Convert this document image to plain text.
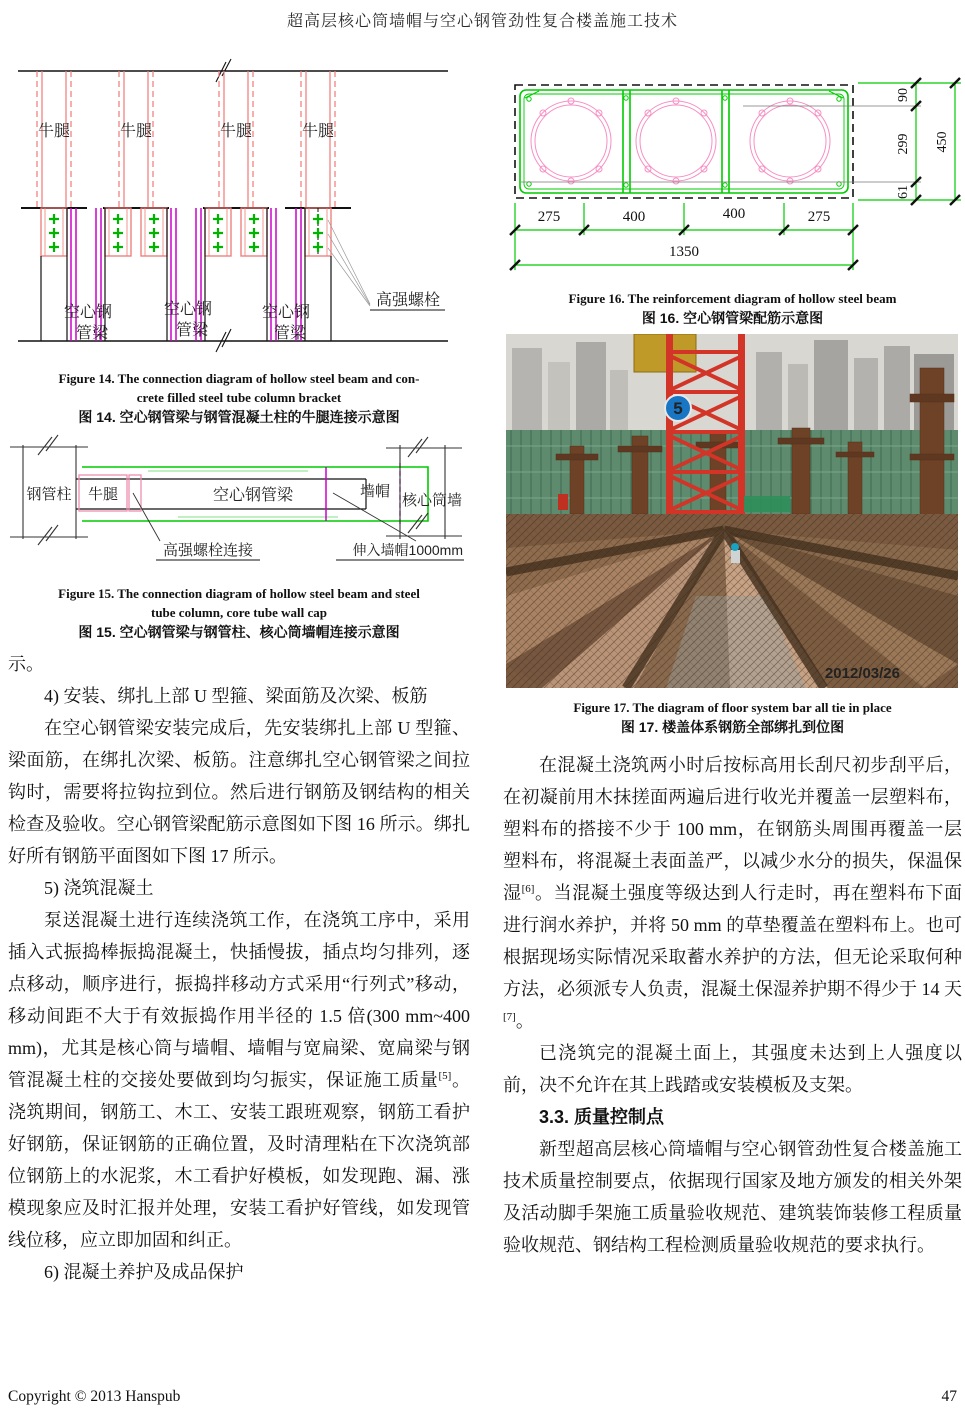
超高层核心筒墙帽与空心钢管劲性复合楼盖施工技术
牛腿	牛腿	牛腿	牛腿
空心钢
管梁
空心钢
管梁
空心钢
管梁
高强螺栓
Figure 14. The connection diagram of hollow steel beam and con-
crete filled steel tube column bracket
图 14. 空心钢管梁与钢管混凝土柱的牛腿连接示意图
钢管柱 牛腿	空心钢管梁	墙帽
核心筒墙
高强螺栓连接	伸入墙帽1000mm
Figure 15. The connection diagram of hollow steel beam and steel
tube column, core tube wall cap
图 15. 空心钢管梁与钢管柱、核心筒墙帽连接示意图

示。

4) 安装、绑扎上部 U 型箍、梁面筋及次梁、板筋

在空心钢管梁安装完成后，先安装绑扎上部 U 型箍、梁面筋，在绑扎次梁、板筋。注意绑扎空心钢管梁之间拉钩时，需要将拉钩拉到位。然后进行钢筋及钢结构的相关检查及验收。空心钢管梁配筋示意图如下图 16 所示。绑扎好所有钢筋平面图如下图 17 所示。

5) 浇筑混凝土

泵送混凝土进行连续浇筑工作，在浇筑工序中，采用插入式振捣棒振捣混凝土，快插慢拔，插点均匀排列，逐点移动，顺序进行，振捣拌移动方式采用“行列式”移动，移动间距不大于有效振捣作用半径的 1.5 倍(300 mm~400 mm)，尤其是核心筒与墙帽、墙帽与宽扁梁、宽扁梁与钢管混凝土柱的交接处要做到均匀振实，保证施工质量[5]。浇筑期间，钢筋工、木工、安装工跟班观察，钢筋工看护好钢筋，保证钢筋的正确位置，及时清理粘在下次浇筑部位钢筋上的水泥浆，木工看护好模板，如发现跑、漏、涨模现象应及时汇报并处理，安装工看护好管线，如发现管线位移，应立即加固和纠正。

6) 混凝土养护及成品保护

275	400	400	275
1350
90
299
61
450
Figure 16. The reinforcement diagram of hollow steel beam
图 16. 空心钢管梁配筋示意图
5
2012/03/26
Figure 17. The diagram of floor system bar all tie in place
图 17. 楼盖体系钢筋全部绑扎到位图

在混凝土浇筑两小时后按标高用长刮尺初步刮平后，在初凝前用木抹搓面两遍后进行收光并覆盖一层塑料布，塑料布的搭接不少于 100 mm，在钢筋头周围再覆盖一层塑料布，将混凝土表面盖严，以减少水分的损失，保温保湿[6]。当混凝土强度等级达到人行走时，再在塑料布下面进行润水养护，并将 50 mm 的草垫覆盖在塑料布上。也可根据现场实际情况采取蓄水养护的方法，但无论采取何种方法，必须派专人负责，混凝土保湿养护期不得少于 14 天[7]。

已浇筑完的混凝土面上，其强度未达到上人强度以前，决不允许在其上践踏或安装模板及支架。

3.3. 质量控制点

新型超高层核心筒墙帽与空心钢管劲性复合楼盖施工技术质量控制要点，依据现行国家及地方颁发的相关外架及活动脚手架施工质量验收规范、建筑装饰装修工程质量验收规范、钢结构工程检测质量验收规范的要求执行。

Copyright © 2013 Hanspub	47
